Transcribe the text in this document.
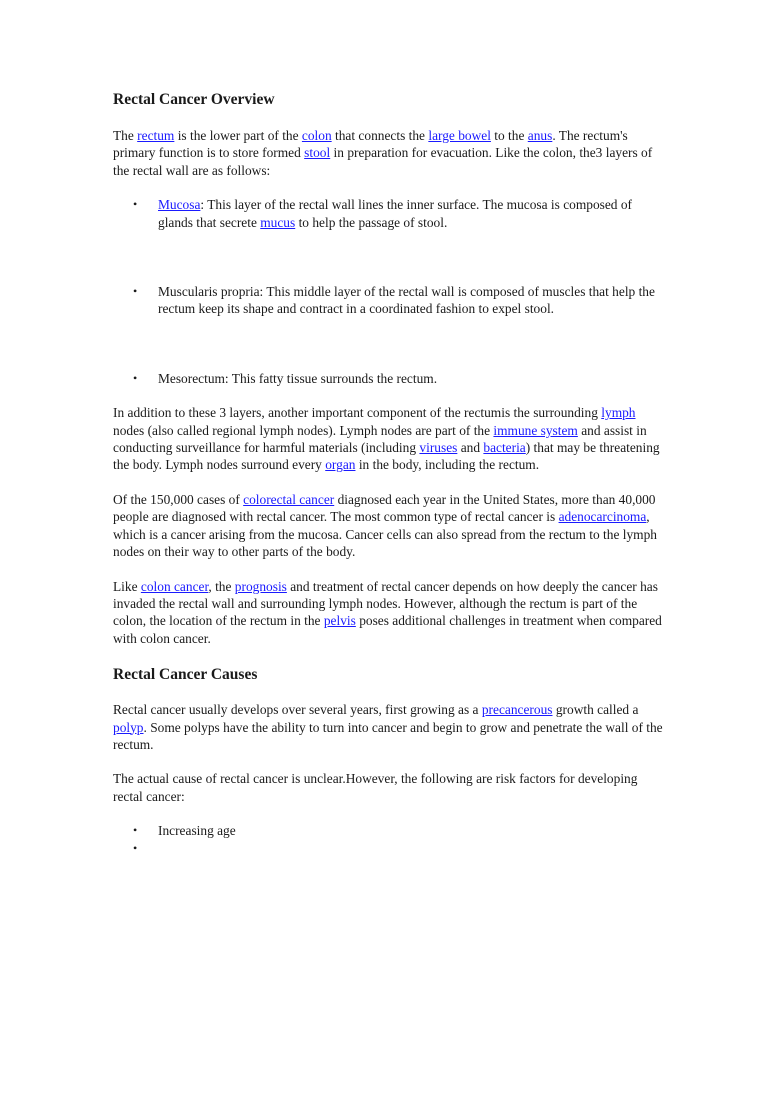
Rectal Cancer Overview

The rectum is the lower part of the colon that connects the large bowel to the anus. The rectum's primary function is to store formed stool in preparation for evacuation. Like the colon, the3 layers of the rectal wall are as follows:

• Mucosa: This layer of the rectal wall lines the inner surface. The mucosa is composed of glands that secrete mucus to help the passage of stool.
• Muscularis propria: This middle layer of the rectal wall is composed of muscles that help the rectum keep its shape and contract in a coordinated fashion to expel stool.
• Mesorectum: This fatty tissue surrounds the rectum.

In addition to these 3 layers, another important component of the rectumis the surrounding lymph nodes (also called regional lymph nodes). Lymph nodes are part of the immune system and assist in conducting surveillance for harmful materials (including viruses and bacteria) that may be threatening the body. Lymph nodes surround every organ in the body, including the rectum.

Of the 150,000 cases of colorectal cancer diagnosed each year in the United States, more than 40,000 people are diagnosed with rectal cancer. The most common type of rectal cancer is adenocarcinoma, which is a cancer arising from the mucosa. Cancer cells can also spread from the rectum to the lymph nodes on their way to other parts of the body.

Like colon cancer, the prognosis and treatment of rectal cancer depends on how deeply the cancer has invaded the rectal wall and surrounding lymph nodes. However, although the rectum is part of the colon, the location of the rectum in the pelvis poses additional challenges in treatment when compared with colon cancer.

Rectal Cancer Causes

Rectal cancer usually develops over several years, first growing as a precancerous growth called a polyp. Some polyps have the ability to turn into cancer and begin to grow and penetrate the wall of the rectum.

The actual cause of rectal cancer is unclear.However, the following are risk factors for developing rectal cancer:

• Increasing age
•
